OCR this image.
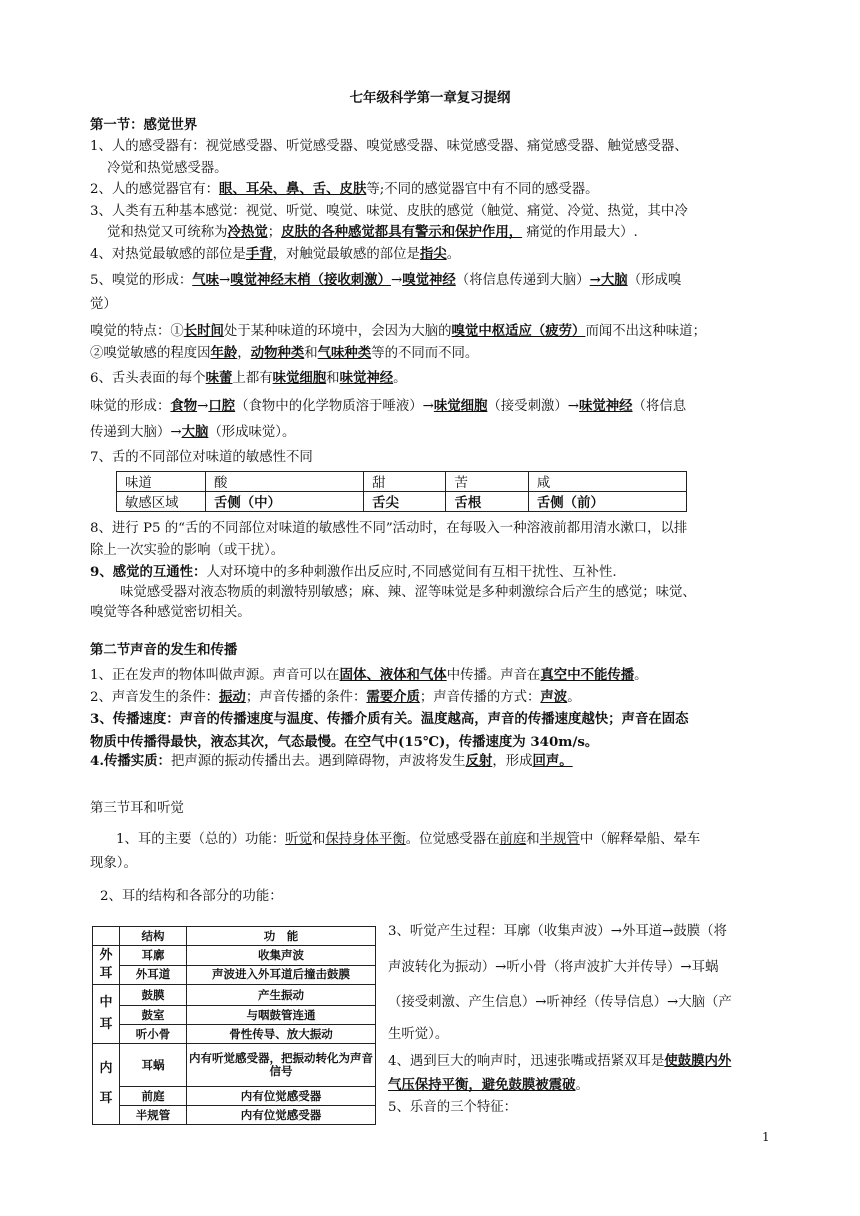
七年级科学第一章复习提纲
第一节：感觉世界
1、人的感受器有：视觉感受器、听觉感受器、嗅觉感受器、味觉感受器、痛觉感受器、触觉感受器、
冷觉和热觉感受器。
2、人的感觉器官有：眼、耳朵、鼻、舌、皮肤等;不同的感觉器官中有不同的感受器。
3、人类有五种基本感觉：视觉、听觉、嗅觉、味觉、皮肤的感觉（触觉、痛觉、冷觉、热觉，其中冷
觉和热觉又可统称为冷热觉；皮肤的各种感觉都具有警示和保护作用， 痛觉的作用最大）.
4、对热觉最敏感的部位是手背，对触觉最敏感的部位是指尖。
5、嗅觉的形成：气味→嗅觉神经末梢（接收刺激）→嗅觉神经（将信息传递到大脑）→大脑（形成嗅
觉）
嗅觉的特点：①长时间处于某种味道的环境中，会因为大脑的嗅觉中枢适应（疲劳）而闻不出这种味道；
②嗅觉敏感的程度因年龄，动物种类和气味种类等的不同而不同。
6、舌头表面的每个味蕾上都有味觉细胞和味觉神经。
味觉的形成：食物→口腔（食物中的化学物质溶于唾液）→味觉细胞（接受刺激）→味觉神经（将信息
传递到大脑）→大脑（形成味觉）。
7、舌的不同部位对味道的敏感性不同
味道	酸	甜	苦	咸
敏感区域	舌侧（中）	舌尖	舌根	舌侧（前）
8、进行 P5 的“舌的不同部位对味道的敏感性不同”活动时，在每吸入一种溶液前都用清水漱口，以排
除上一次实验的影响（或干扰）。
9、感觉的互通性：人对环境中的多种刺激作出反应时,不同感觉间有互相干扰性、互补性.
味觉感受器对液态物质的刺激特别敏感；麻、辣、涩等味觉是多种刺激综合后产生的感觉；味觉、
嗅觉等各种感觉密切相关。
第二节声音的发生和传播
1、正在发声的物体叫做声源。声音可以在固体、液体和气体中传播。声音在真空中不能传播。
2、声音发生的条件：振动；声音传播的条件：需要介质；声音传播的方式：声波。
3、传播速度：声音的传播速度与温度、传播介质有关。温度越高，声音的传播速度越快；声音在固态
物质中传播得最快，液态其次，气态最慢。在空气中(15℃)，传播速度为 340m/s。
4.传播实质：把声源的振动传播出去。遇到障碍物，声波将发生反射，形成回声。
第三节耳和听觉
1、耳的主要（总的）功能：听觉和保持身体平衡。位觉感受器在前庭和半规管中（解释晕船、晕车
现象）。
2、耳的结构和各部分的功能：
	结构	功　能
外耳	耳廓	收集声波
	外耳道	声波进入外耳道后撞击鼓膜
中耳	鼓膜	产生振动
	鼓室	与咽鼓管连通
	听小骨	骨性传导、放大振动
内耳	耳蜗	内有听觉感受器，把振动转化为声音信号
	前庭	内有位觉感受器
	半规管	内有位觉感受器
3、听觉产生过程：耳廓（收集声波）→外耳道→鼓膜（将
声波转化为振动）→听小骨（将声波扩大并传导）→耳蜗
（接受刺激、产生信息）→听神经（传导信息）→大脑（产
生听觉）。
4、遇到巨大的响声时，迅速张嘴或捂紧双耳是使鼓膜内外
气压保持平衡，避免鼓膜被震破。
5、乐音的三个特征：
1
